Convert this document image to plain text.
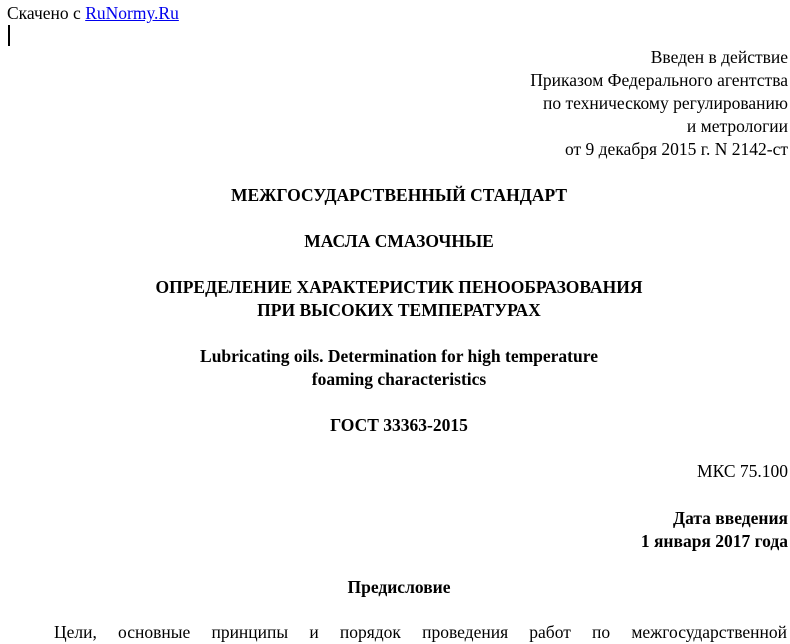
Скачено с RuNormy.Ru
Введен в действие
Приказом Федерального агентства
по техническому регулированию
и метрологии
от 9 декабря 2015 г. N 2142-ст
МЕЖГОСУДАРСТВЕННЫЙ СТАНДАРТ
МАСЛА СМАЗОЧНЫЕ
ОПРЕДЕЛЕНИЕ ХАРАКТЕРИСТИК ПЕНООБРАЗОВАНИЯ
ПРИ ВЫСОКИХ ТЕМПЕРАТУРАХ
Lubricating oils. Determination for high temperature
foaming characteristics
ГОСТ 33363-2015
МКС 75.100
Дата введения
1 января 2017 года
Предисловие
Цели, основные принципы и порядок проведения работ по межгосударственной
